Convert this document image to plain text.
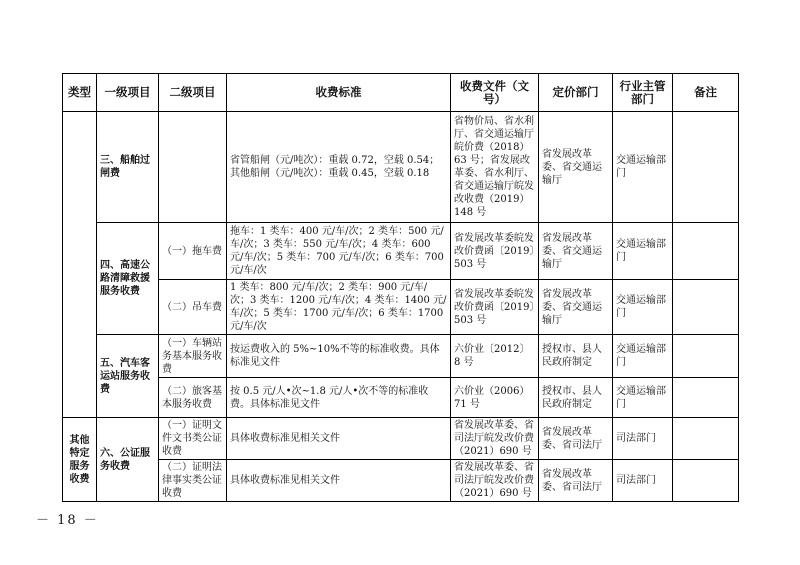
类型	一级项目	二级项目	收费标准	收费文件（文号）	定价部门	行业主管
部门	备注
	三、船舶过闸费		省管船闸（元/吨次）：重载 0.72，空载 0.54；其他船闸（元/吨次）：重载 0.45，空载 0.18	省物价局、省水利厅、省交通运输厅皖价费（2018）63 号；省发展改革委、省水利厅、省交通运输厅皖发改收费（2019）148 号	省发展改革委、省交通运输厅	交通运输部门	
	四、高速公路清障救援服务收费	（一）拖车费	拖车：1 类车：400 元/车/次；2 类车：500 元/车/次；3 类车：550 元/车/次；4 类车：600 元/车/次；5 类车：700 元/车/次；6 类车：700 元/车/次	省发展改革委皖发改价费函〔2019〕503 号	省发展改革委、省交通运输厅	交通运输部门	
		（二）吊车费	1 类车：800 元/车/次；2 类车：900 元/车/次；3 类车：1200 元/车/次；4 类车：1400 元/车/次；5 类车：1700 元/车/次；6 类车：1700 元/车/次	省发展改革委皖发改价费函〔2019〕503 号	省发展改革委、省交通运输厅	交通运输部门	
	五、汽车客运站服务收费	（一）车辆站务基本服务收费	按运费收入的 5%~10%不等的标准收费。具体标准见文件	六价业〔2012〕8 号	授权市、县人民政府制定	交通运输部门	
		（二）旅客基本服务收费	按 0.5 元/人•次~1.8 元/人•次不等的标准收费。具体标准见文件	六价业（2006）71 号	授权市、县人民政府制定	交通运输部门	
其他特定服务收费	六、公证服务收费	（一）证明文件文书类公证收费	具体收费标准见相关文件	省发展改革委、省司法厅皖发改价费（2021）690 号	省发展改革委、省司法厅	司法部门	
		（二）证明法律事实类公证收费	具体收费标准见相关文件	省发展改革委、省司法厅皖发改价费（2021）690 号	省发展改革委、省司法厅	司法部门	
－ 18 －
